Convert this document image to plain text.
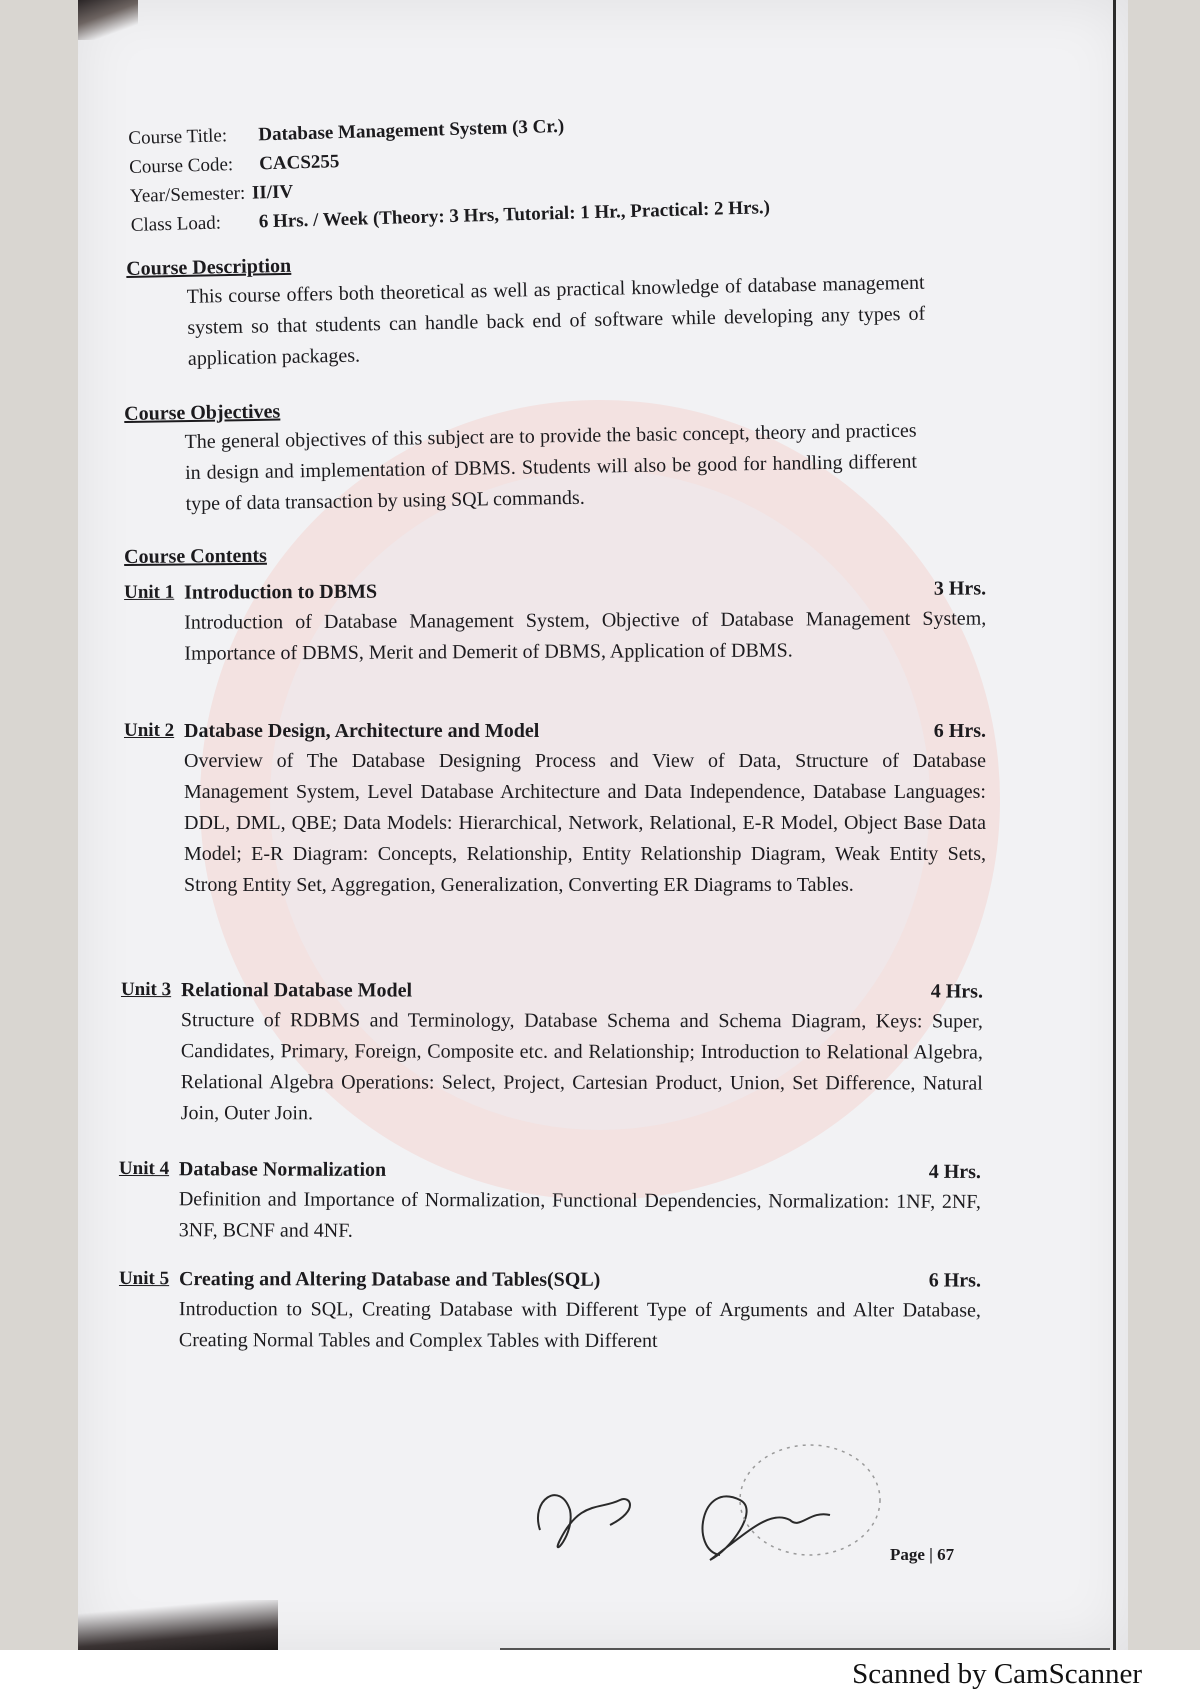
Course Title:	Database Management System (3 Cr.)
Course Code:	CACS255
Year/Semester: II/IV
Class Load:	6 Hrs. / Week (Theory: 3 Hrs, Tutorial: 1 Hr., Practical: 2 Hrs.)

Course Description

This course offers both theoretical as well as practical knowledge of database management system so that students can handle back end of software while developing any types of application packages.

Course Objectives

The general objectives of this subject are to provide the basic concept, theory and practices in design and implementation of DBMS. Students will also be good for handling different type of data transaction by using SQL commands.

Course Contents

Unit 1 Introduction to DBMS	3 Hrs.
Introduction of Database Management System, Objective of Database Management System, Importance of DBMS, Merit and Demerit of DBMS, Application of DBMS.
Unit 2 Database Design, Architecture and Model	6 Hrs.
Overview of The Database Designing Process and View of Data, Structure of Database Management System, Level Database Architecture and Data Independence, Database Languages: DDL, DML, QBE; Data Models: Hierarchical, Network, Relational, E-R Model, Object Base Data Model; E-R Diagram: Concepts, Relationship, Entity Relationship Diagram, Weak Entity Sets, Strong Entity Set, Aggregation, Generalization, Converting ER Diagrams to Tables.
Unit 3 Relational Database Model	4 Hrs.
Structure of RDBMS and Terminology, Database Schema and Schema Diagram, Keys: Super, Candidates, Primary, Foreign, Composite etc. and Relationship; Introduction to Relational Algebra, Relational Algebra Operations: Select, Project, Cartesian Product, Union, Set Difference, Natural Join, Outer Join.
Unit 4 Database Normalization	4 Hrs.
Definition and Importance of Normalization, Functional Dependencies, Normalization: 1NF, 2NF, 3NF, BCNF and 4NF.
Unit 5 Creating and Altering Database and Tables(SQL)	6 Hrs.
Introduction to SQL, Creating Database with Different Type of Arguments and Alter Database, Creating Normal Tables and Complex Tables with Different
Page | 67
Scanned by CamScanner
